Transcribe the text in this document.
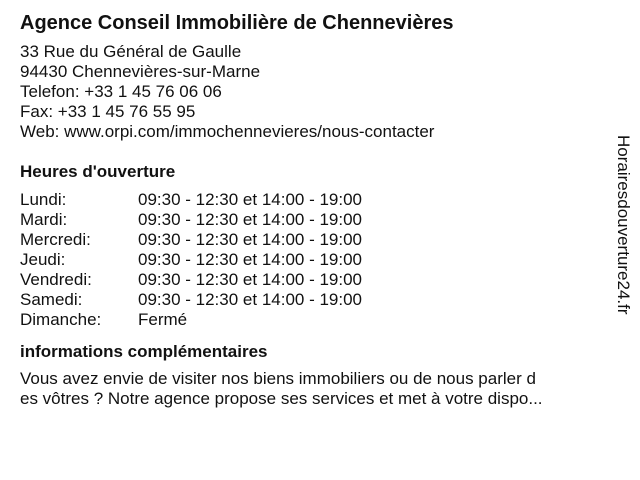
Agence Conseil Immobilière de Chennevières
33 Rue du Général de Gaulle
94430 Chennevières-sur-Marne
Telefon: +33 1 45 76 06 06
Fax: +33 1 45 76 55 95
Web: www.orpi.com/immochennevieres/nous-contacter
Heures d'ouverture
Lundi:	09:30 - 12:30 et 14:00 - 19:00
Mardi:	09:30 - 12:30 et 14:00 - 19:00
Mercredi:	09:30 - 12:30 et 14:00 - 19:00
Jeudi:	09:30 - 12:30 et 14:00 - 19:00
Vendredi:	09:30 - 12:30 et 14:00 - 19:00
Samedi:	09:30 - 12:30 et 14:00 - 19:00
Dimanche:	Fermé
informations complémentaires
Vous avez envie de visiter nos biens immobiliers ou de nous parler d
es vôtres ? Notre agence propose ses services et met à votre dispo...
Horairesdouverture24.fr
